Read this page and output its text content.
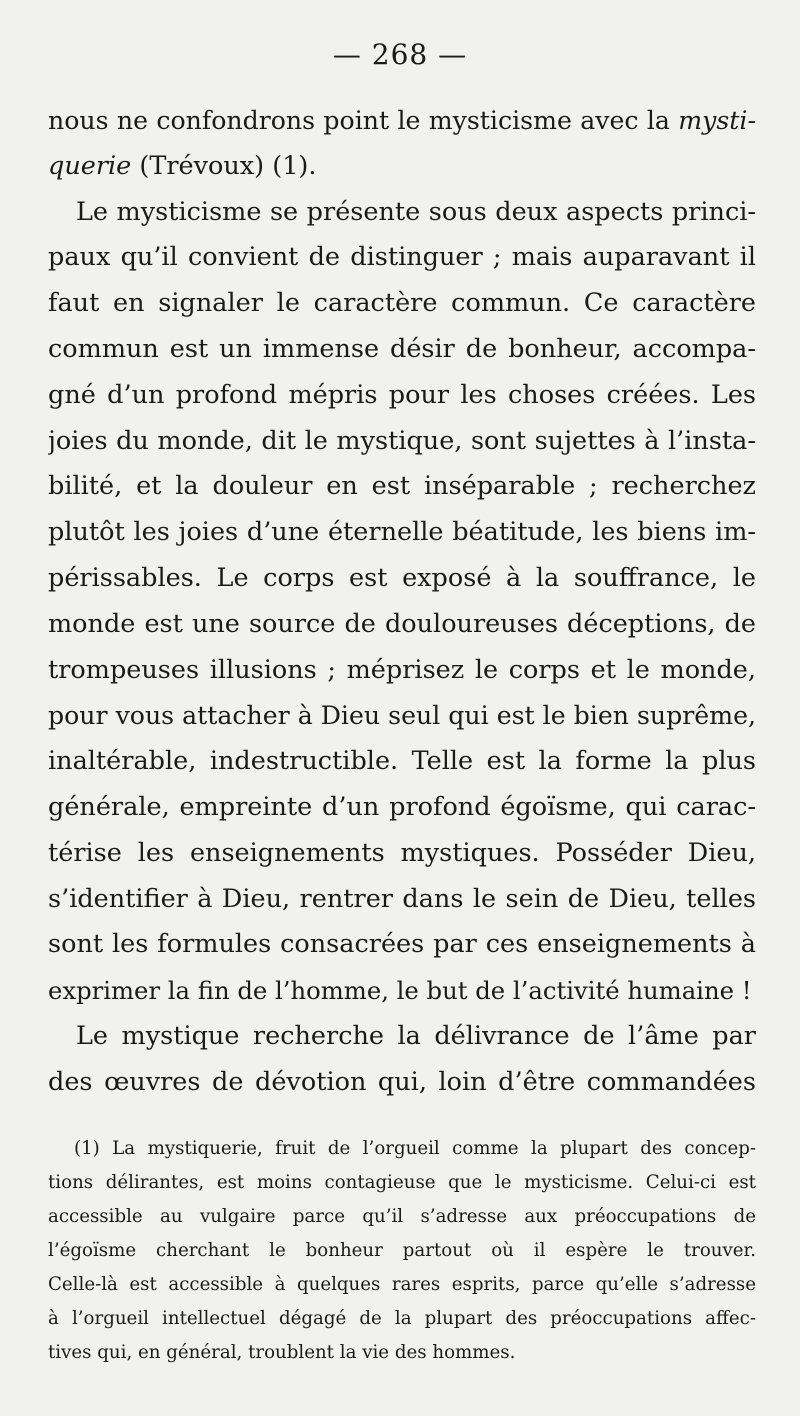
— 268 —
nous ne confondrons point le mysticisme avec la mysti-
querie (Trévoux) (1).
Le mysticisme se présente sous deux aspects princi-
paux qu’il convient de distinguer ; mais auparavant il
faut en signaler le caractère commun. Ce caractère
commun est un immense désir de bonheur, accompa-
gné d’un profond mépris pour les choses créées. Les
joies du monde, dit le mystique, sont sujettes à l’insta-
bilité, et la douleur en est inséparable ; recherchez
plutôt les joies d’une éternelle béatitude, les biens im-
périssables. Le corps est exposé à la souffrance, le
monde est une source de douloureuses déceptions, de
trompeuses illusions ; méprisez le corps et le monde,
pour vous attacher à Dieu seul qui est le bien suprême,
inaltérable, indestructible. Telle est la forme la plus
générale, empreinte d’un profond égoïsme, qui carac-
térise les enseignements mystiques. Posséder Dieu,
s’identifier à Dieu, rentrer dans le sein de Dieu, telles
sont les formules consacrées par ces enseignements à
exprimer la fin de l’homme, le but de l’activité humaine !
Le mystique recherche la délivrance de l’âme par
des œuvres de dévotion qui, loin d’être commandées
(1) La mystiquerie, fruit de l’orgueil comme la plupart des concep-
tions délirantes, est moins contagieuse que le mysticisme. Celui-ci est
accessible au vulgaire parce qu’il s’adresse aux préoccupations de
l’égoïsme cherchant le bonheur partout où il espère le trouver.
Celle-là est accessible à quelques rares esprits, parce qu’elle s’adresse
à l’orgueil intellectuel dégagé de la plupart des préoccupations affec-
tives qui, en général, troublent la vie des hommes.
